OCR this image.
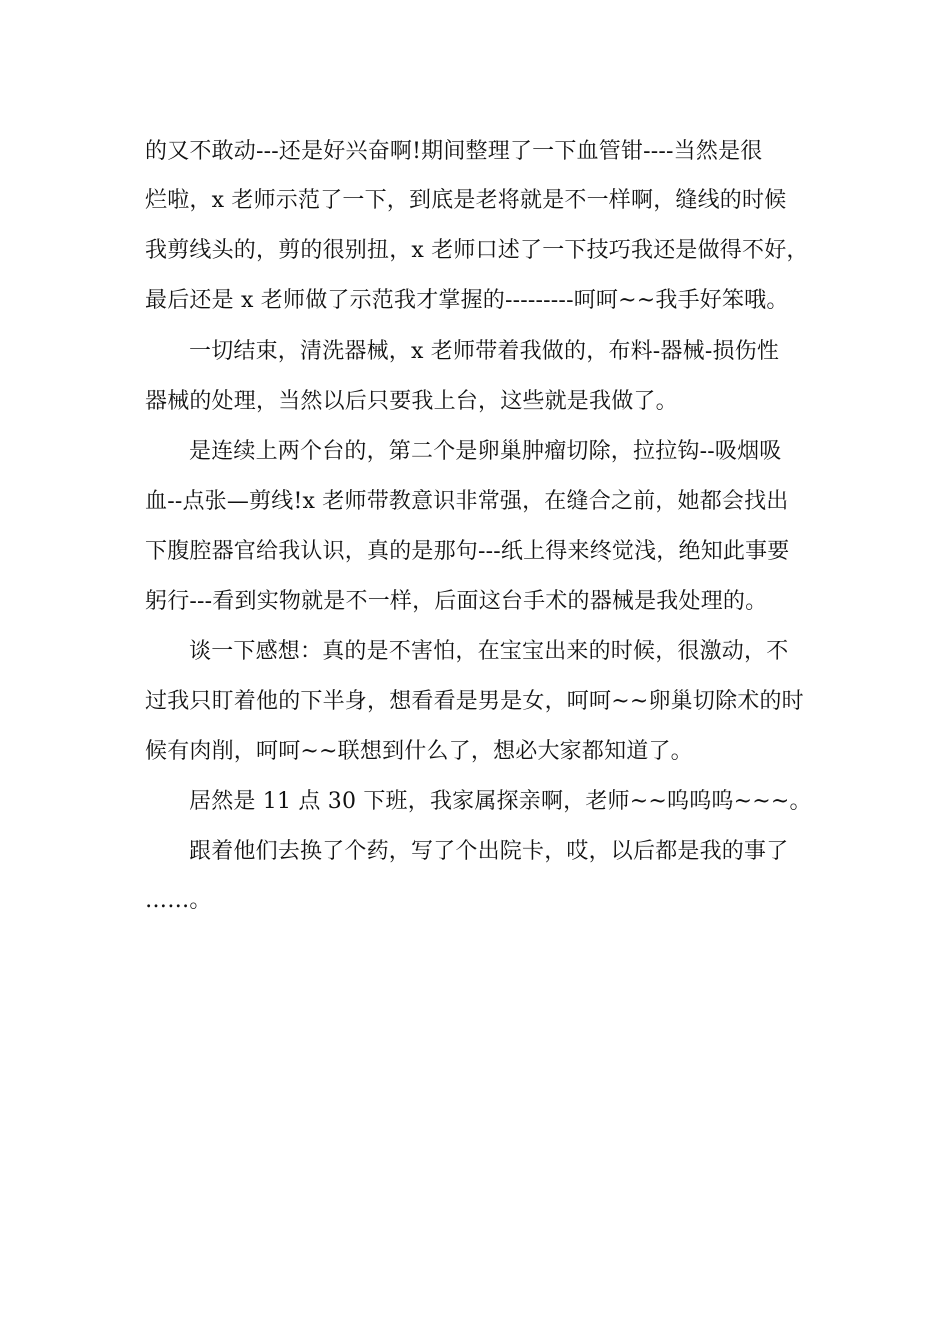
的又不敢动---还是好兴奋啊!期间整理了一下血管钳----当然是很
烂啦，x 老师示范了一下，到底是老将就是不一样啊，缝线的时候
我剪线头的，剪的很别扭，x 老师口述了一下技巧我还是做得不好，
最后还是 x 老师做了示范我才掌握的---------呵呵~~我手好笨哦。
一切结束，清洗器械，x 老师带着我做的，布料-器械-损伤性
器械的处理，当然以后只要我上台，这些就是我做了。
是连续上两个台的，第二个是卵巢肿瘤切除，拉拉钩--吸烟吸
血--点张—剪线!x 老师带教意识非常强，在缝合之前，她都会找出
下腹腔器官给我认识，真的是那句---纸上得来终觉浅，绝知此事要
躬行---看到实物就是不一样，后面这台手术的器械是我处理的。
谈一下感想：真的是不害怕，在宝宝出来的时候，很激动，不
过我只盯着他的下半身，想看看是男是女，呵呵~~卵巢切除术的时
候有肉削，呵呵~~联想到什么了，想必大家都知道了。
居然是 11 点 30 下班，我家属探亲啊，老师~~呜呜呜~~~。
跟着他们去换了个药，写了个出院卡，哎，以后都是我的事了
……。
